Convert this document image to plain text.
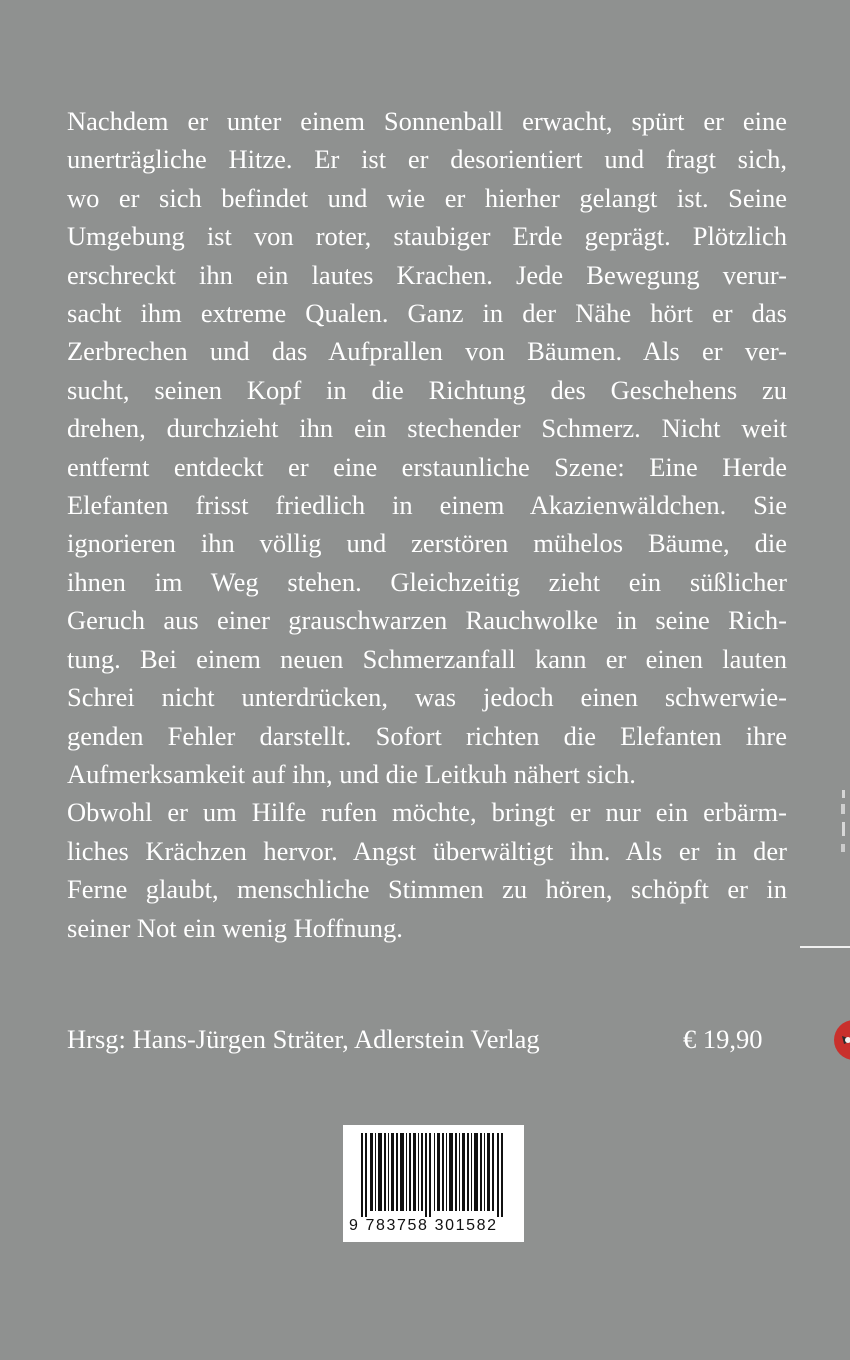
Nachdem er unter einem Sonnenball erwacht, spürt er eine
unerträgliche Hitze. Er ist er desorientiert und fragt sich,
wo er sich befindet und wie er hierher gelangt ist. Seine
Umgebung ist von roter, staubiger Erde geprägt. Plötzlich
erschreckt ihn ein lautes Krachen. Jede Bewegung verur-
sacht ihm extreme Qualen. Ganz in der Nähe hört er das
Zerbrechen und das Aufprallen von Bäumen. Als er ver-
sucht, seinen Kopf in die Richtung des Geschehens zu
drehen, durchzieht ihn ein stechender Schmerz. Nicht weit
entfernt entdeckt er eine erstaunliche Szene: Eine Herde
Elefanten frisst friedlich in einem Akazienwäldchen. Sie
ignorieren ihn völlig und zerstören mühelos Bäume, die
ihnen im Weg stehen. Gleichzeitig zieht ein süßlicher
Geruch aus einer grauschwarzen Rauchwolke in seine Rich-
tung. Bei einem neuen Schmerzanfall kann er einen lauten
Schrei nicht unterdrücken, was jedoch einen schwerwie-
genden Fehler darstellt. Sofort richten die Elefanten ihre
Aufmerksamkeit auf ihn, und die Leitkuh nähert sich.
Obwohl er um Hilfe rufen möchte, bringt er nur ein erbärm-
liches Krächzen hervor. Angst überwältigt ihn. Als er in der
Ferne glaubt, menschliche Stimmen zu hören, schöpft er in
seiner Not ein wenig Hoffnung.
Hrsg: Hans-Jürgen Sträter, Adlerstein Verlag	€ 19,90
9 783758 301582
